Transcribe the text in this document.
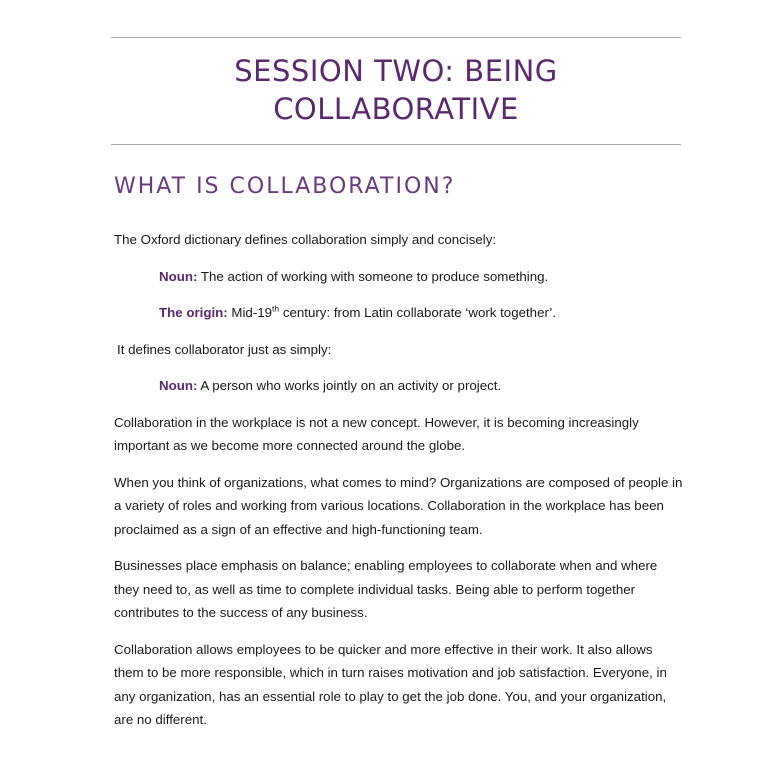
SESSION TWO: BEING
COLLABORATIVE
WHAT IS COLLABORATION?

The Oxford dictionary defines collaboration simply and concisely:

Noun: The action of working with someone to produce something.

The origin: Mid-19th century: from Latin collaborate ‘work together’.

It defines collaborator just as simply:

Noun: A person who works jointly on an activity or project.

Collaboration in the workplace is not a new concept. However, it is becoming increasingly important as we become more connected around the globe.

When you think of organizations, what comes to mind? Organizations are composed of people in a variety of roles and working from various locations. Collaboration in the workplace has been proclaimed as a sign of an effective and high-functioning team.

Businesses place emphasis on balance; enabling employees to collaborate when and where they need to, as well as time to complete individual tasks. Being able to perform together contributes to the success of any business.

Collaboration allows employees to be quicker and more effective in their work. It also allows them to be more responsible, which in turn raises motivation and job satisfaction. Everyone, in any organization, has an essential role to play to get the job done. You, and your organization, are no different.
